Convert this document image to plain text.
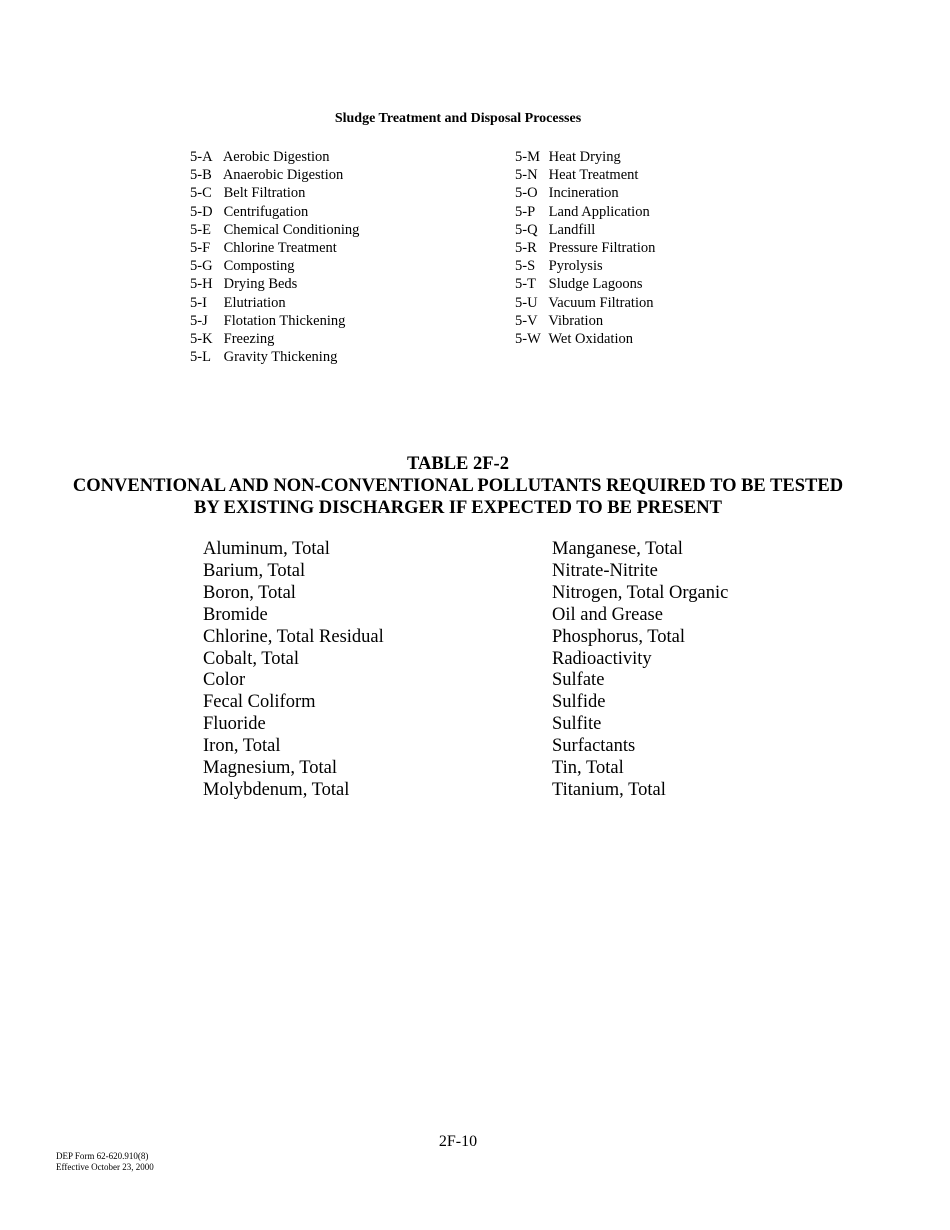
Sludge Treatment and Disposal Processes
5-A Aerobic Digestion
5-B Anaerobic Digestion
5-C Belt Filtration
5-D Centrifugation
5-E Chemical Conditioning
5-F Chlorine Treatment
5-G Composting
5-H Drying Beds
5-I Elutriation
5-J Flotation Thickening
5-K Freezing
5-L Gravity Thickening
5-M Heat Drying
5-N Heat Treatment
5-O Incineration
5-P Land Application
5-Q Landfill
5-R Pressure Filtration
5-S Pyrolysis
5-T Sludge Lagoons
5-U Vacuum Filtration
5-V Vibration
5-W Wet Oxidation
TABLE 2F-2
CONVENTIONAL AND NON-CONVENTIONAL POLLUTANTS REQUIRED TO BE TESTED
BY EXISTING DISCHARGER IF EXPECTED TO BE PRESENT
Aluminum, Total
Barium, Total
Boron, Total
Bromide
Chlorine, Total Residual
Cobalt, Total
Color
Fecal Coliform
Fluoride
Iron, Total
Magnesium, Total
Molybdenum, Total
Manganese, Total
Nitrate-Nitrite
Nitrogen, Total Organic
Oil and Grease
Phosphorus, Total
Radioactivity
Sulfate
Sulfide
Sulfite
Surfactants
Tin, Total
Titanium, Total
2F-10
DEP Form 62-620.910(8)
Effective October 23, 2000
